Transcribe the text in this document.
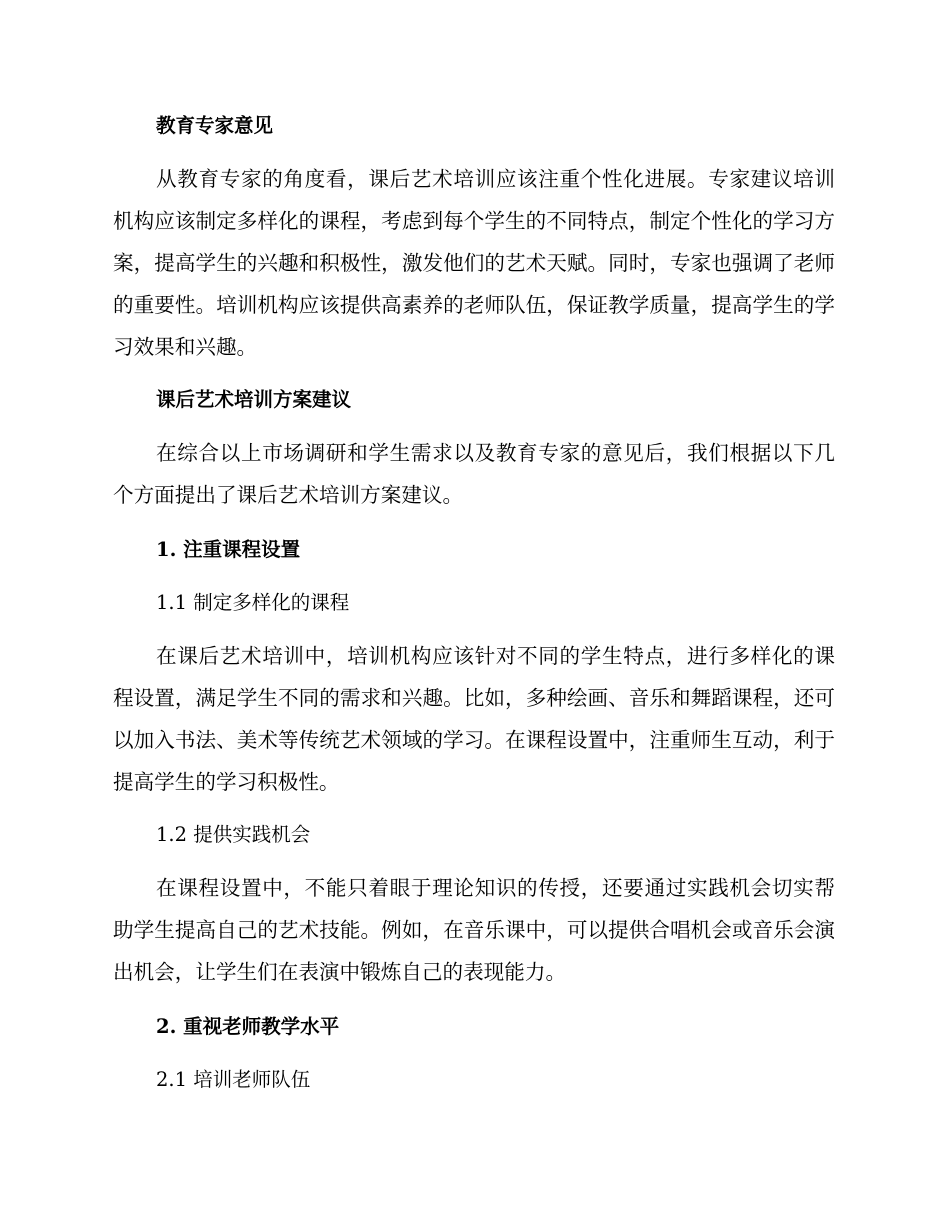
教育专家意见

从教育专家的角度看，课后艺术培训应该注重个性化进展。专家建议培训机构应该制定多样化的课程，考虑到每个学生的不同特点，制定个性化的学习方案，提高学生的兴趣和积极性，激发他们的艺术天赋。同时，专家也强调了老师的重要性。培训机构应该提供高素养的老师队伍，保证教学质量，提高学生的学习效果和兴趣。

课后艺术培训方案建议

在综合以上市场调研和学生需求以及教育专家的意见后，我们根据以下几个方面提出了课后艺术培训方案建议。

1. 注重课程设置

1.1 制定多样化的课程

在课后艺术培训中，培训机构应该针对不同的学生特点，进行多样化的课程设置，满足学生不同的需求和兴趣。比如，多种绘画、音乐和舞蹈课程，还可以加入书法、美术等传统艺术领域的学习。在课程设置中，注重师生互动，利于提高学生的学习积极性。

1.2 提供实践机会

在课程设置中，不能只着眼于理论知识的传授，还要通过实践机会切实帮助学生提高自己的艺术技能。例如，在音乐课中，可以提供合唱机会或音乐会演出机会，让学生们在表演中锻炼自己的表现能力。

2. 重视老师教学水平

2.1 培训老师队伍
